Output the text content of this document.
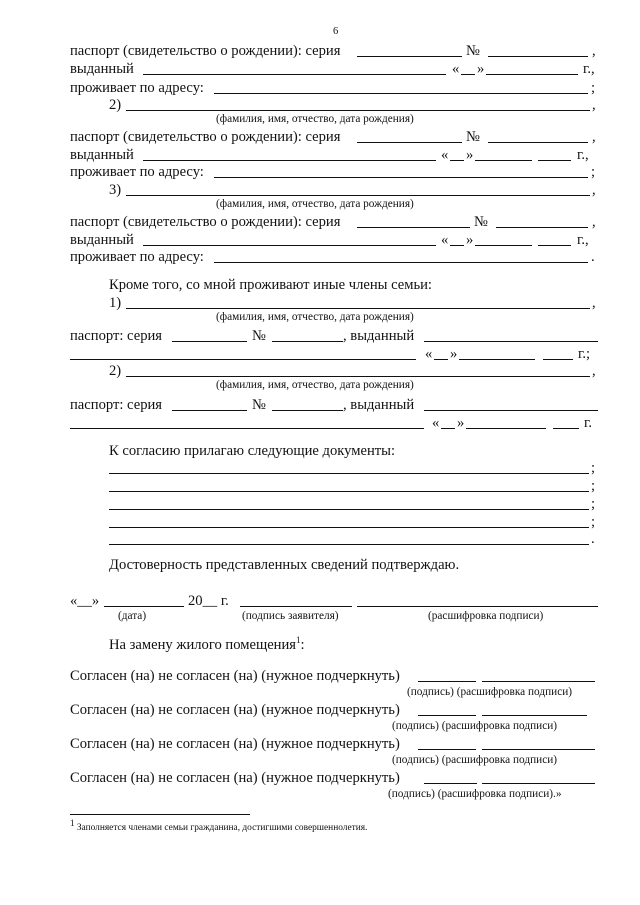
6
паспорт (свидетельство о рождении): серия	№	,
выданный	« »	г.,
проживает по адресу:	;
2)	,
(фамилия, имя, отчество, дата рождения)
паспорт (свидетельство о рождении): серия	№	,
выданный	« »	г.,
проживает по адресу:	;
3)	,
(фамилия, имя, отчество, дата рождения)
паспорт (свидетельство о рождении): серия	№	,
выданный	« »	г.,
проживает по адресу:	.
Кроме того, со мной проживают иные члены семьи:
1)	,
(фамилия, имя, отчество, дата рождения)
паспорт: серия	№	, выданный
« »	г.;
2)	,
(фамилия, имя, отчество, дата рождения)
паспорт: серия	№	, выданный
« »	г.
К согласию прилагаю следующие документы:
;
;
;
;
.
Достоверность представленных сведений подтверждаю.
«__»	20__ г.
(дата)	(подпись заявителя)	(расшифровка подписи)
На замену жилого помещения$^1$:
Согласен (на) не согласен (на) (нужное подчеркнуть)
(подпись) (расшифровка подписи)
Согласен (на) не согласен (на) (нужное подчеркнуть)
(подпись) (расшифровка подписи)
Согласен (на) не согласен (на) (нужное подчеркнуть)
(подпись) (расшифровка подписи)
Согласен (на) не согласен (на) (нужное подчеркнуть)
(подпись) (расшифровка подписи).»
$^1$ Заполняется членами семьи гражданина, достигшими совершеннолетия.
